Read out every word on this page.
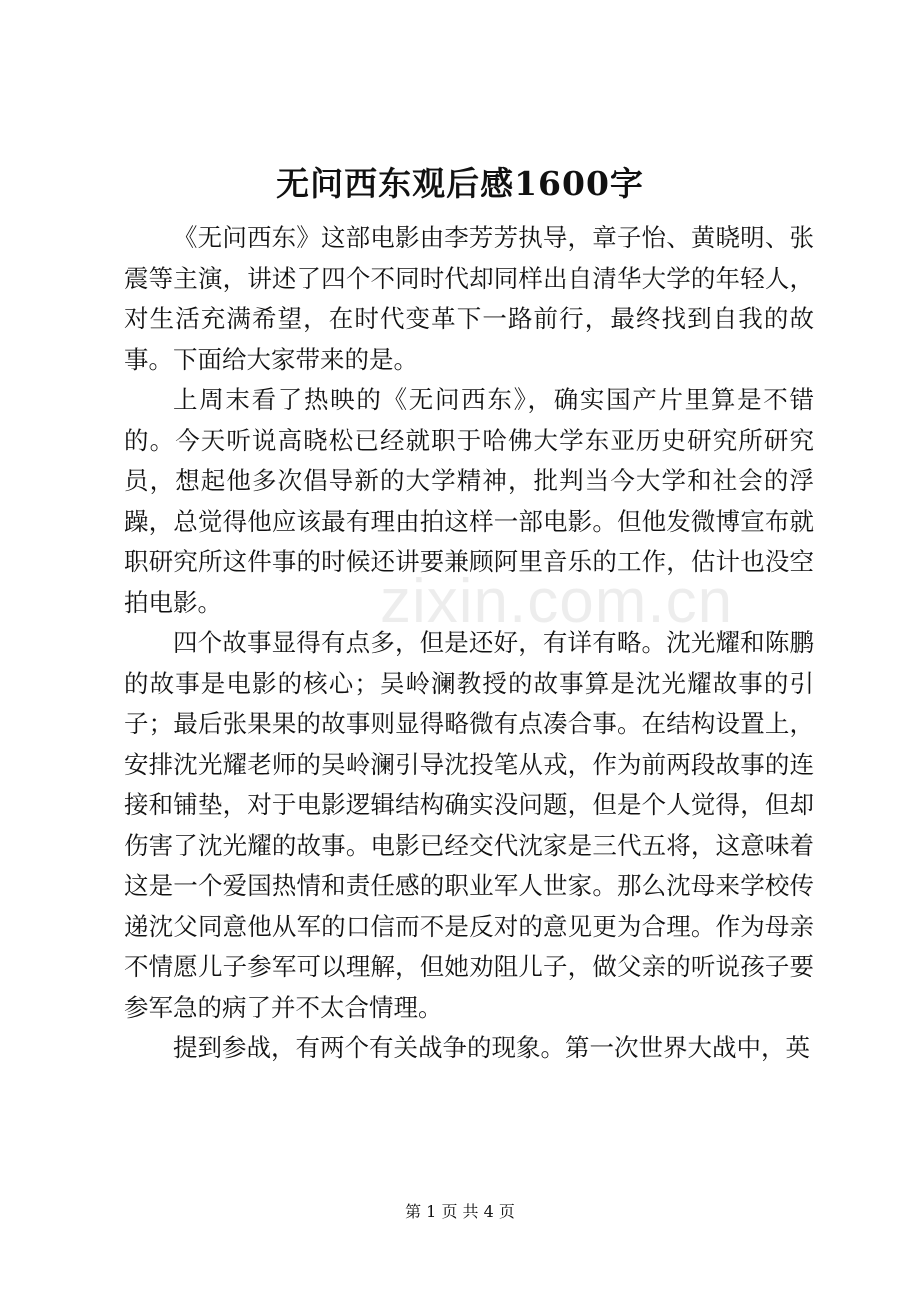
无问西东观后感1600字

《无问西东》这部电影由李芳芳执导，章子怡、黄晓明、张震等主演，讲述了四个不同时代却同样出自清华大学的年轻人，对生活充满希望，在时代变革下一路前行，最终找到自我的故事。下面给大家带来的是。

上周末看了热映的《无问西东》，确实国产片里算是不错的。今天听说高晓松已经就职于哈佛大学东亚历史研究所研究员，想起他多次倡导新的大学精神，批判当今大学和社会的浮躁，总觉得他应该最有理由拍这样一部电影。但他发微博宣布就职研究所这件事的时候还讲要兼顾阿里音乐的工作，估计也没空拍电影。

四个故事显得有点多，但是还好，有详有略。沈光耀和陈鹏的故事是电影的核心；吴岭澜教授的故事算是沈光耀故事的引子；最后张果果的故事则显得略微有点凑合事。在结构设置上，安排沈光耀老师的吴岭澜引导沈投笔从戎，作为前两段故事的连接和铺垫，对于电影逻辑结构确实没问题，但是个人觉得，但却伤害了沈光耀的故事。电影已经交代沈家是三代五将，这意味着这是一个爱国热情和责任感的职业军人世家。那么沈母来学校传递沈父同意他从军的口信而不是反对的意见更为合理。作为母亲不情愿儿子参军可以理解，但她劝阻儿子，做父亲的听说孩子要参军急的病了并不太合情理。

提到参战，有两个有关战争的现象。第一次世界大战中，英

zixin.com.cn

第 1 页 共 4 页
